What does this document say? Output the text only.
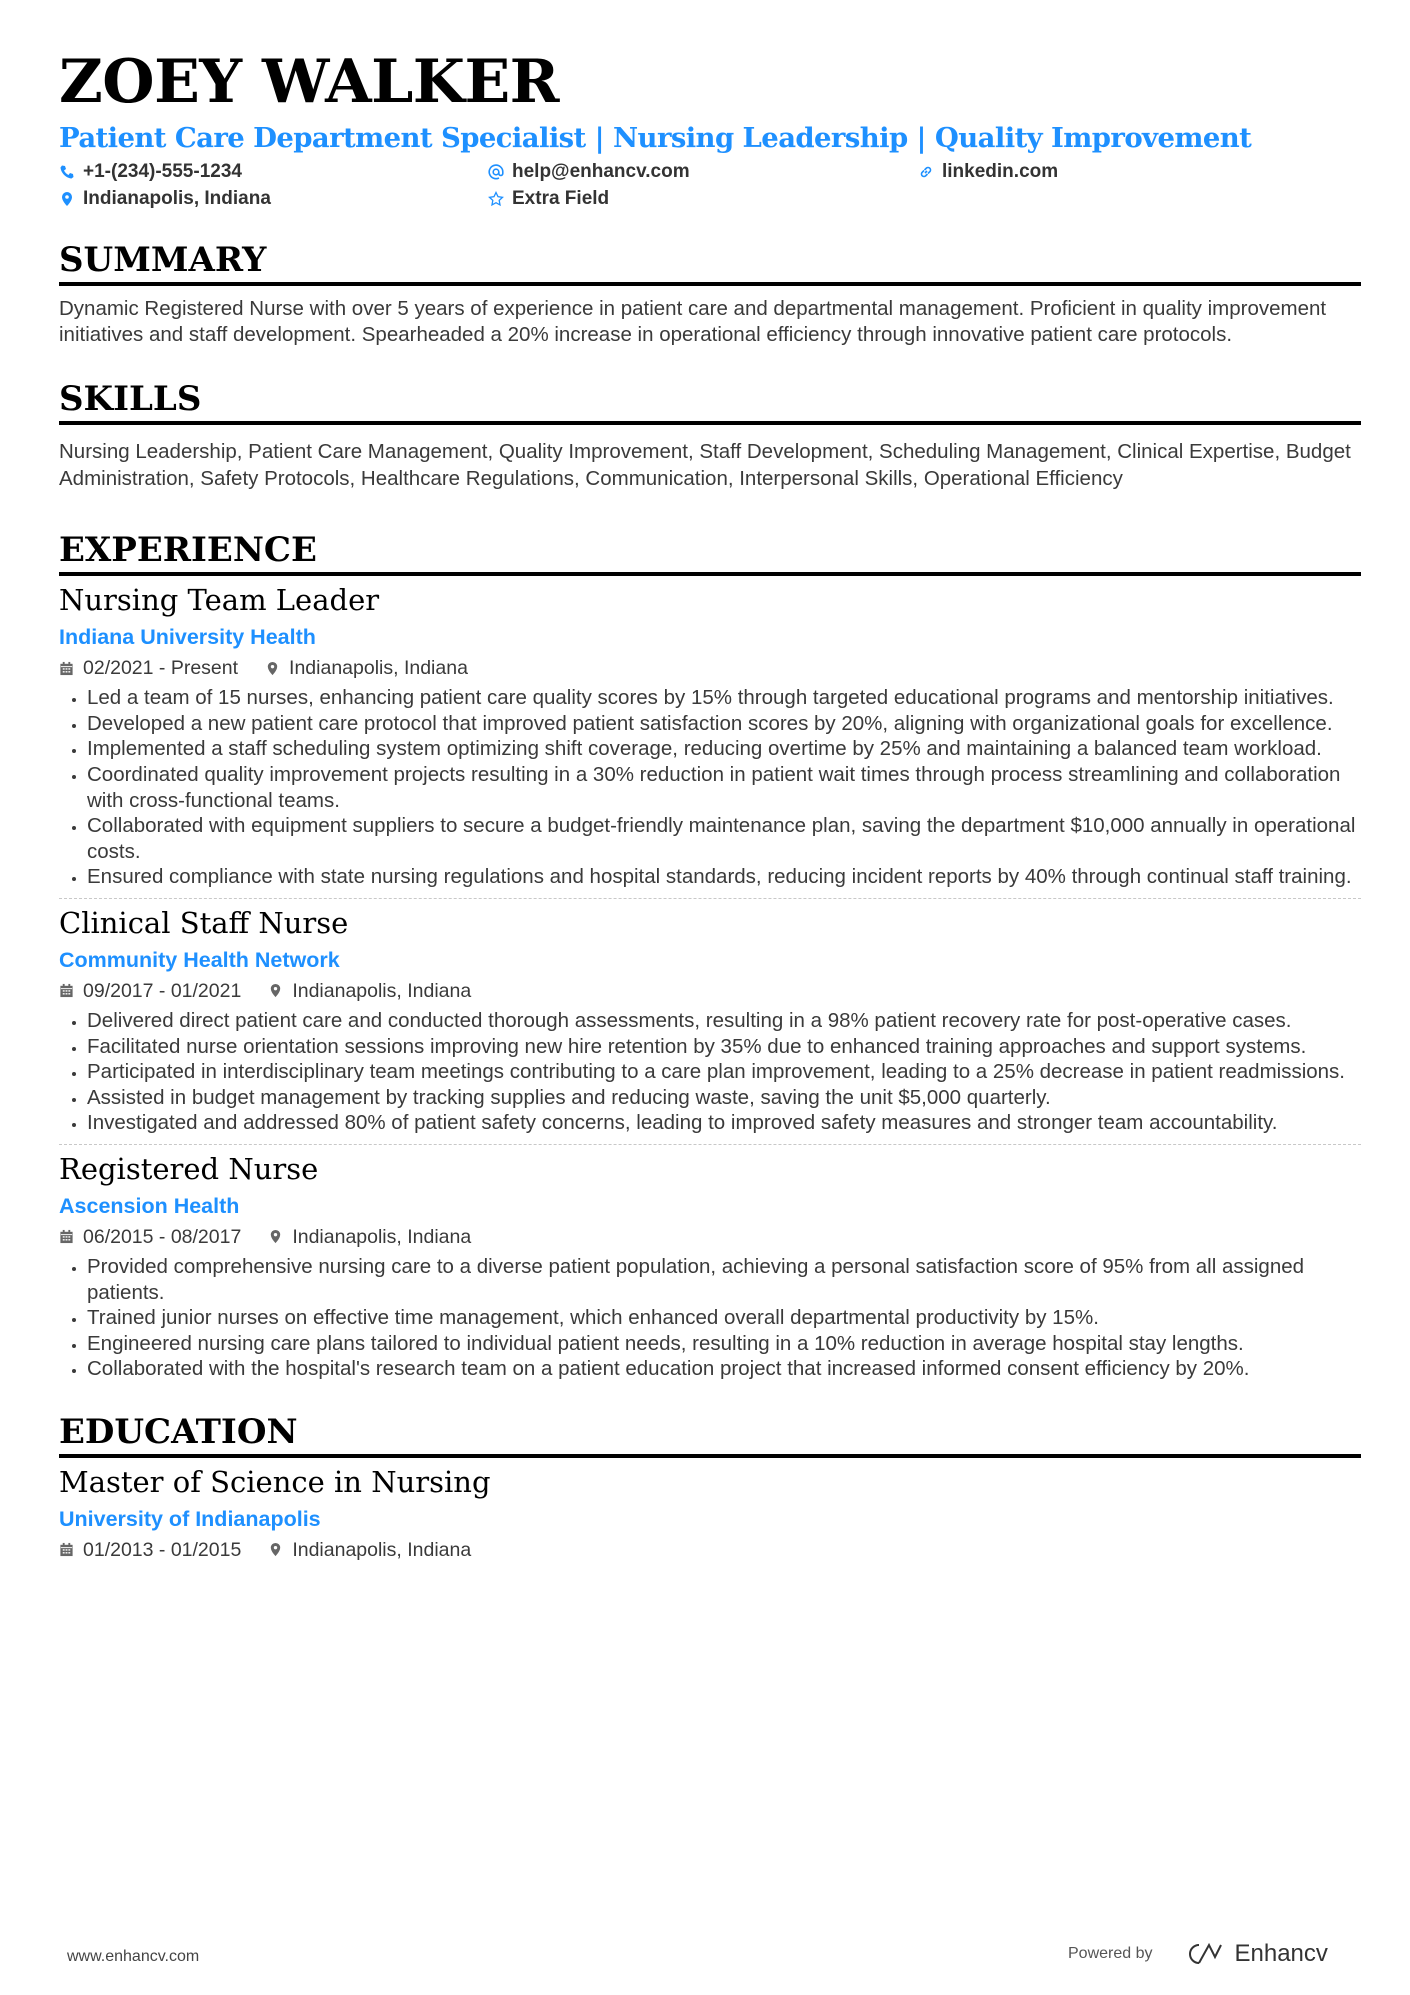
ZOEY WALKER
Patient Care Department Specialist | Nursing Leadership | Quality Improvement
+1-(234)-555-1234	help@enhancv.com	linkedin.com
Indianapolis, Indiana	Extra Field
SUMMARY
Dynamic Registered Nurse with over 5 years of experience in patient care and departmental management. Proficient in quality improvement initiatives and staff development. Spearheaded a 20% increase in operational efficiency through innovative patient care protocols.
SKILLS
Nursing Leadership, Patient Care Management, Quality Improvement, Staff Development, Scheduling Management, Clinical Expertise, Budget Administration, Safety Protocols, Healthcare Regulations, Communication, Interpersonal Skills, Operational Efficiency
EXPERIENCE
Nursing Team Leader
Indiana University Health
02/2021 - Present	Indianapolis, Indiana
• Led a team of 15 nurses, enhancing patient care quality scores by 15% through targeted educational programs and mentorship initiatives.
• Developed a new patient care protocol that improved patient satisfaction scores by 20%, aligning with organizational goals for excellence.
• Implemented a staff scheduling system optimizing shift coverage, reducing overtime by 25% and maintaining a balanced team workload.
• Coordinated quality improvement projects resulting in a 30% reduction in patient wait times through process streamlining and collaboration with cross-functional teams.
• Collaborated with equipment suppliers to secure a budget-friendly maintenance plan, saving the department $10,000 annually in operational costs.
• Ensured compliance with state nursing regulations and hospital standards, reducing incident reports by 40% through continual staff training.
Clinical Staff Nurse
Community Health Network
09/2017 - 01/2021	Indianapolis, Indiana
• Delivered direct patient care and conducted thorough assessments, resulting in a 98% patient recovery rate for post-operative cases.
• Facilitated nurse orientation sessions improving new hire retention by 35% due to enhanced training approaches and support systems.
• Participated in interdisciplinary team meetings contributing to a care plan improvement, leading to a 25% decrease in patient readmissions.
• Assisted in budget management by tracking supplies and reducing waste, saving the unit $5,000 quarterly.
• Investigated and addressed 80% of patient safety concerns, leading to improved safety measures and stronger team accountability.
Registered Nurse
Ascension Health
06/2015 - 08/2017	Indianapolis, Indiana
• Provided comprehensive nursing care to a diverse patient population, achieving a personal satisfaction score of 95% from all assigned patients.
• Trained junior nurses on effective time management, which enhanced overall departmental productivity by 15%.
• Engineered nursing care plans tailored to individual patient needs, resulting in a 10% reduction in average hospital stay lengths.
• Collaborated with the hospital's research team on a patient education project that increased informed consent efficiency by 20%.
EDUCATION
Master of Science in Nursing
University of Indianapolis
01/2013 - 01/2015	Indianapolis, Indiana
www.enhancv.com	Powered by	Enhancv
